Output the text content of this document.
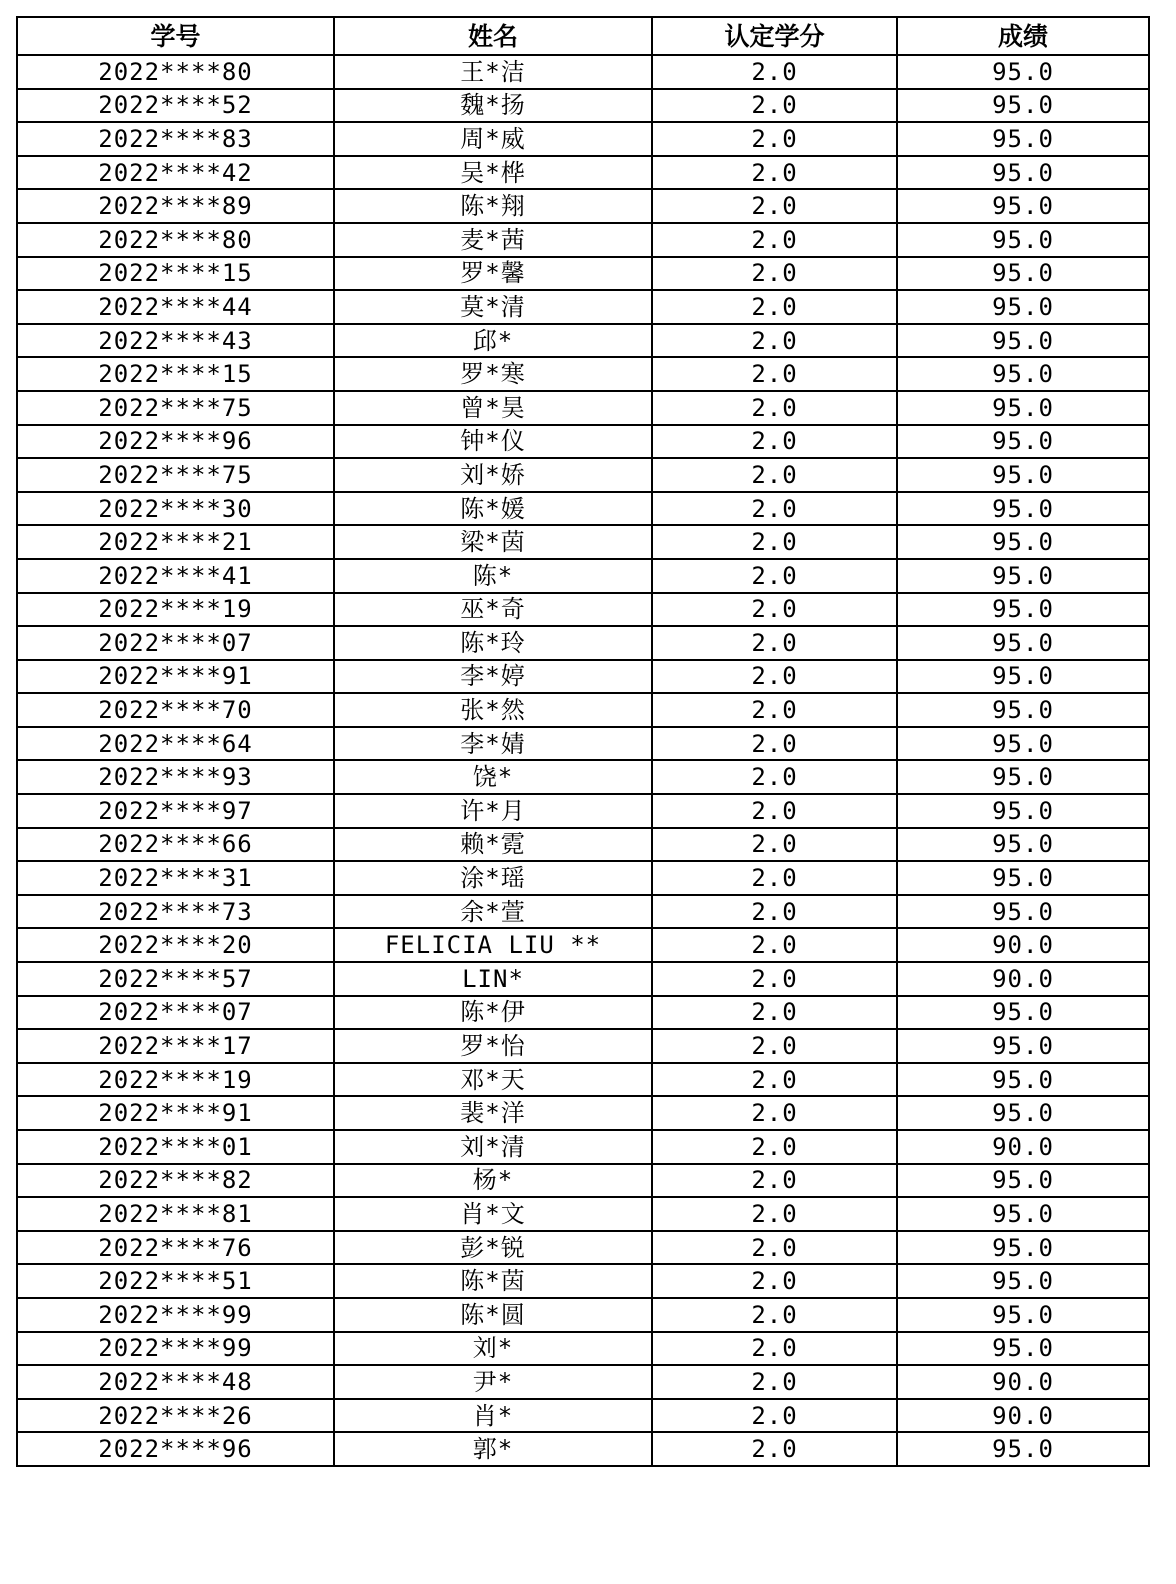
学号	姓名	认定学分	成绩
2022****80	王*洁	2.0	95.0
2022****52	魏*扬	2.0	95.0
2022****83	周*威	2.0	95.0
2022****42	吴*桦	2.0	95.0
2022****89	陈*翔	2.0	95.0
2022****80	麦*茜	2.0	95.0
2022****15	罗*馨	2.0	95.0
2022****44	莫*清	2.0	95.0
2022****43	邱*	2.0	95.0
2022****15	罗*寒	2.0	95.0
2022****75	曾*昊	2.0	95.0
2022****96	钟*仪	2.0	95.0
2022****75	刘*娇	2.0	95.0
2022****30	陈*媛	2.0	95.0
2022****21	梁*茵	2.0	95.0
2022****41	陈*	2.0	95.0
2022****19	巫*奇	2.0	95.0
2022****07	陈*玲	2.0	95.0
2022****91	李*婷	2.0	95.0
2022****70	张*然	2.0	95.0
2022****64	李*婧	2.0	95.0
2022****93	饶*	2.0	95.0
2022****97	许*月	2.0	95.0
2022****66	赖*霓	2.0	95.0
2022****31	涂*瑶	2.0	95.0
2022****73	余*萱	2.0	95.0
2022****20	FELICIA LIU **	2.0	90.0
2022****57	LIN*	2.0	90.0
2022****07	陈*伊	2.0	95.0
2022****17	罗*怡	2.0	95.0
2022****19	邓*天	2.0	95.0
2022****91	裴*洋	2.0	95.0
2022****01	刘*清	2.0	90.0
2022****82	杨*	2.0	95.0
2022****81	肖*文	2.0	95.0
2022****76	彭*锐	2.0	95.0
2022****51	陈*茵	2.0	95.0
2022****99	陈*圆	2.0	95.0
2022****99	刘*	2.0	95.0
2022****48	尹*	2.0	90.0
2022****26	肖*	2.0	90.0
2022****96	郭*	2.0	95.0
